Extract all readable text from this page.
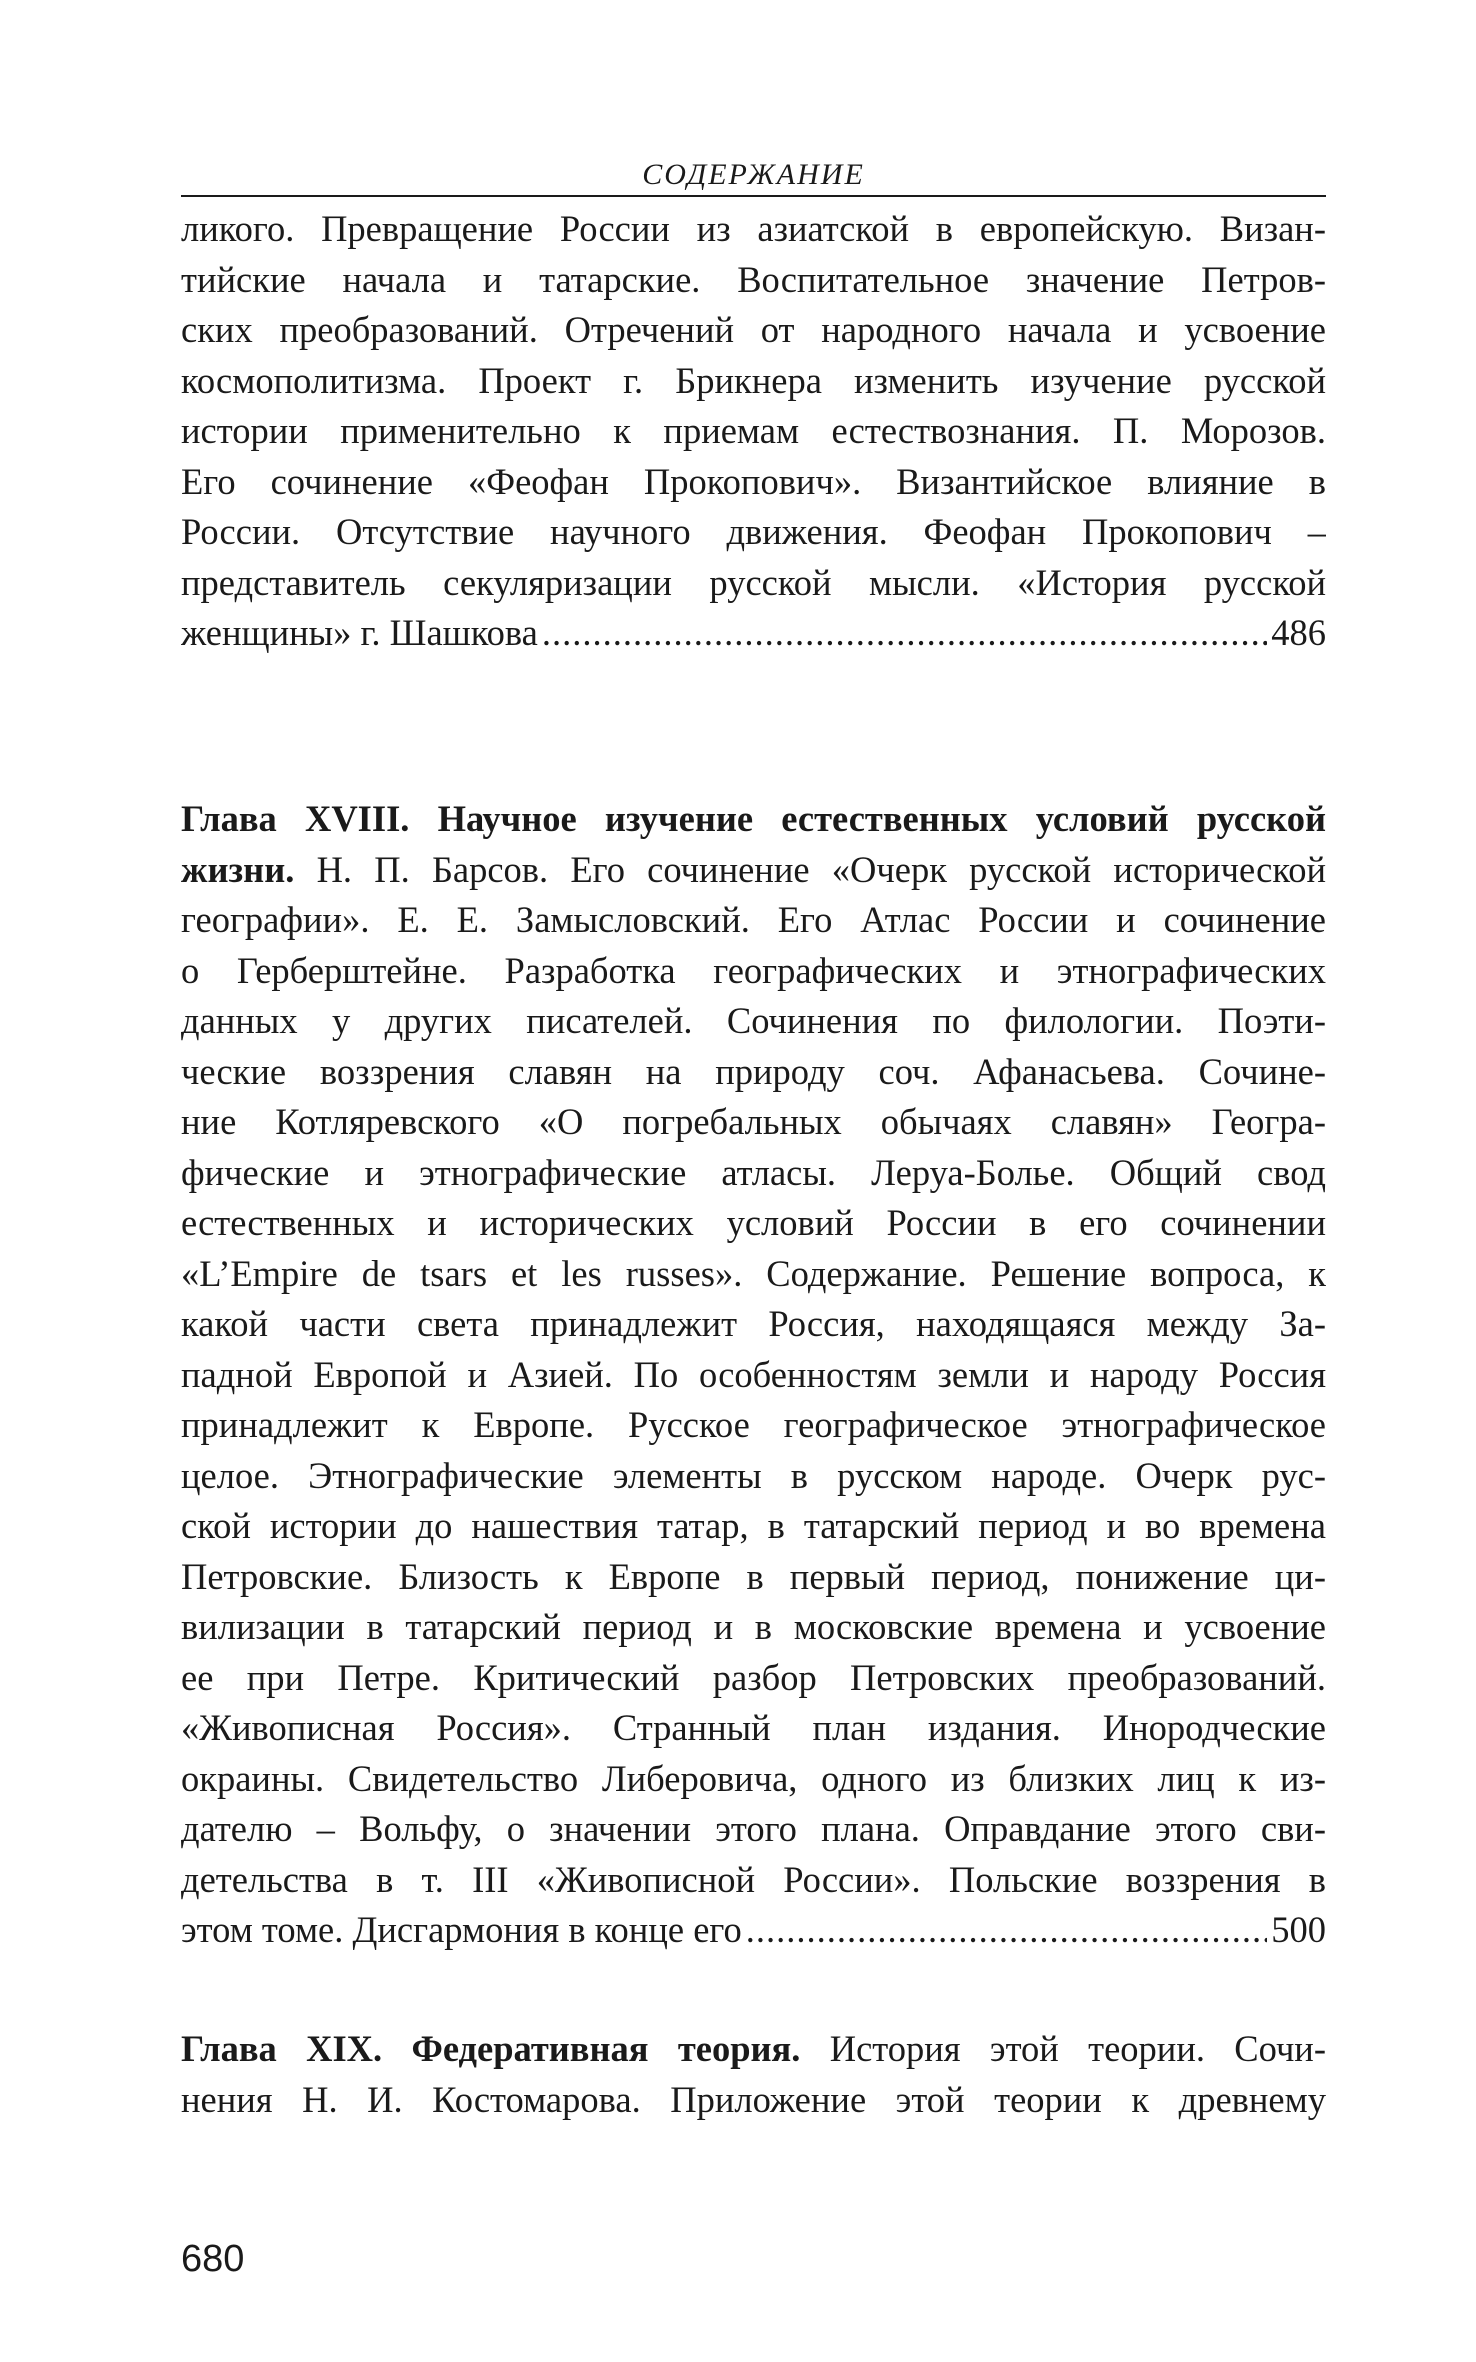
СОДЕРЖАНИЕ
ликого. Превращение России из азиатской в европейскую. Визан-
тийские начала и татарские. Воспитательное значение Петров-
ских преобразований. Отречений от народного начала и усвоение
космополитизма. Проект г. Брикнера изменить изучение русской
истории применительно к приемам естествознания. П. Морозов.
Его сочинение «Феофан Прокопович». Византийское влияние в
России. Отсутствие научного движения. Феофан Прокопович –
представитель секуляризации русской мысли. «История русской
женщины» г. Шашкова .....	486
Глава XVIII. Научное изучение естественных условий русской
жизни. Н. П. Барсов. Его сочинение «Очерк русской исторической
географии». Е. Е. Замысловский. Его Атлас России и сочинение
о Герберштейне. Разработка географических и этнографических
данных у других писателей. Сочинения по филологии. Поэти-
ческие воззрения славян на природу соч. Афанасьева. Сочине-
ние Котляревского «О погребальных обычаях славян» Геогра-
фические и этнографические атласы. Леруа-Болье. Общий свод
естественных и исторических условий России в его сочинении
«L’Empire de tsars et les russes». Содержание. Решение вопроса, к
какой части света принадлежит Россия, находящаяся между За-
падной Европой и Азией. По особенностям земли и народу Россия
принадлежит к Европе. Русское географическое этнографическое
целое. Этнографические элементы в русском народе. Очерк рус-
ской истории до нашествия татар, в татарский период и во времена
Петровские. Близость к Европе в первый период, понижение ци-
вилизации в татарский период и в московские времена и усвоение
ее при Петре. Критический разбор Петровских преобразований.
«Живописная Россия». Странный план издания. Инородческие
окраины. Свидетельство Либеровича, одного из близких лиц к из-
дателю – Вольфу, о значении этого плана. Оправдание этого сви-
детельства в т. III «Живописной России». Польские воззрения в
этом томе. Дисгармония в конце его .....	500
Глава XIX. Федеративная теория. История этой теории. Сочи-
нения Н. И. Костомарова. Приложение этой теории к древнему
680
